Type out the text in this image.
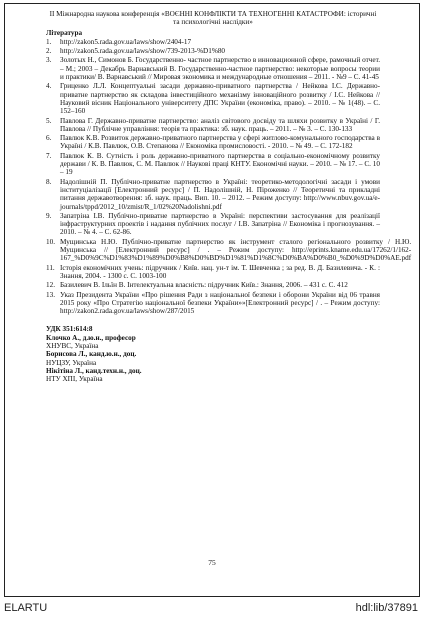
ІІ Міжнародна наукова конференція «ВОЄННІ КОНФЛІКТИ ТА ТЕХНОГЕННІ КАТАСТРОФИ: історичні та психологічні наслідки»

Література
1.	http://zakon5.rada.gov.ua/laws/show/2404-17
2.	http://zakon5.rada.gov.ua/laws/show/739-2013-%D1%80
3.	Золотых Н., Симонов Б. Государственно- частное партнерство в инновационной сфере, рамочный отчет. – М.; 2003 – Декабрь Варнавський В. Государственно-частное партнерство: некоторые вопросы теории и практики/ В. Варнавський // Мировая экономика и международные отношения – 2011. - №9 – С. 41-45
4.	Гриценко Л.Л. Концептуальні засади державно-приватного партнерства / Нейкова І.С. Державно-приватне партнерство як складова інвестиційного механізму інноваційного розвитку / І.С. Нейкова // Науковий вісник Національного університету ДПС України (економіка, право). – 2010. – № 1(48). – С. 152–160
5.	Павлова Г. Державно-приватне партнерство: аналіз світового досвіду та шляхи розвитку в Україні / Г. Павлова // Публічне управління: теорія та практика: зб. наук. праць. – 2011. – № 3. – С. 130-133
6.	Павлюк К.В. Розвиток державно-приватного партнерства у сфері житлово-комунального господарства в Україні / К.В. Павлюк, О.В. Степанова // Економіка промисловості. - 2010. – № 49. – С. 172-182
7.	Павлюк К. В. Сутність і роль державно-приватного партнерства в соціально-економічному розвитку держави / К. В. Павлюк, С. М. Павлюк // Наукові праці КНТУ. Економічні науки. – 2010. – № 17. – С. 10 – 19
8.	Надолішній П. Публічно-приватне партнерство в Україні: теоретико-методологічні засади і умови інституціалізації [Електронний ресурс] / П. Надолішній, Н. Піроженко // Теоретичні та прикладні питання державотворення: зб. наук. праць. Вип. 10. – 2012. – Режим доступу: http://www.nbuv.gov.ua/e-journals/tppd/2012_10/zmist/R_1/02%20Nadolishni.pdf
9.	Запатріна І.В. Публічно-приватне партнерство в Україні: перспективи застосування для реалізації інфраструктурних проектів і надання публічних послуг / І.В. Запатріна // Економіка і прогнозування. – 2010. – № 4. – С. 62-86.
10. Мущинська Н.Ю. Публічно-приватне партнерство як інструмент сталого регіонального розвитку / Н.Ю. Мущинська // [Електронний ресурс] / . – Режим доступу: http://eprints.kname.edu.ua/17262/1/162-167_%D0%9C%D1%83%D1%89%D0%B8%D0%BD%D1%81%D1%8C%D0%BA%D0%B0_%D0%9D%D0%AE.pdf
11. Історія економічних учень: підручник / Київ. нац. ун-т ім. Т. Шевченка ; за ред. В. Д. Базилевича. - К. : Знання, 2004. - 1300 с. С. 1003-100
12. Базилевич В. Ільїн В. Інтелектуальна власність: підручник Київ.: Знання, 2006. – 431 с. С. 412
13. Указ Президента України «Про рішення Ради з національної безпеки і оборони України від 06 травня 2015 року «Про Стратегію національної безпеки України»»[Електронний ресурс] / . – Режим доступу: http://zakon2.rada.gov.ua/laws/show/287/2015
УДК 351:614:8

Клочко А., д.ю.н., професор

ХНУВС, Україна

Борисова Л., канд.ю.н., доц.

НУЦЗУ, Україна

Нікітіна Л., канд.техн.н., доц.

НТУ ХПІ, Україна

75
ELARTU	hdl:lib/37891
